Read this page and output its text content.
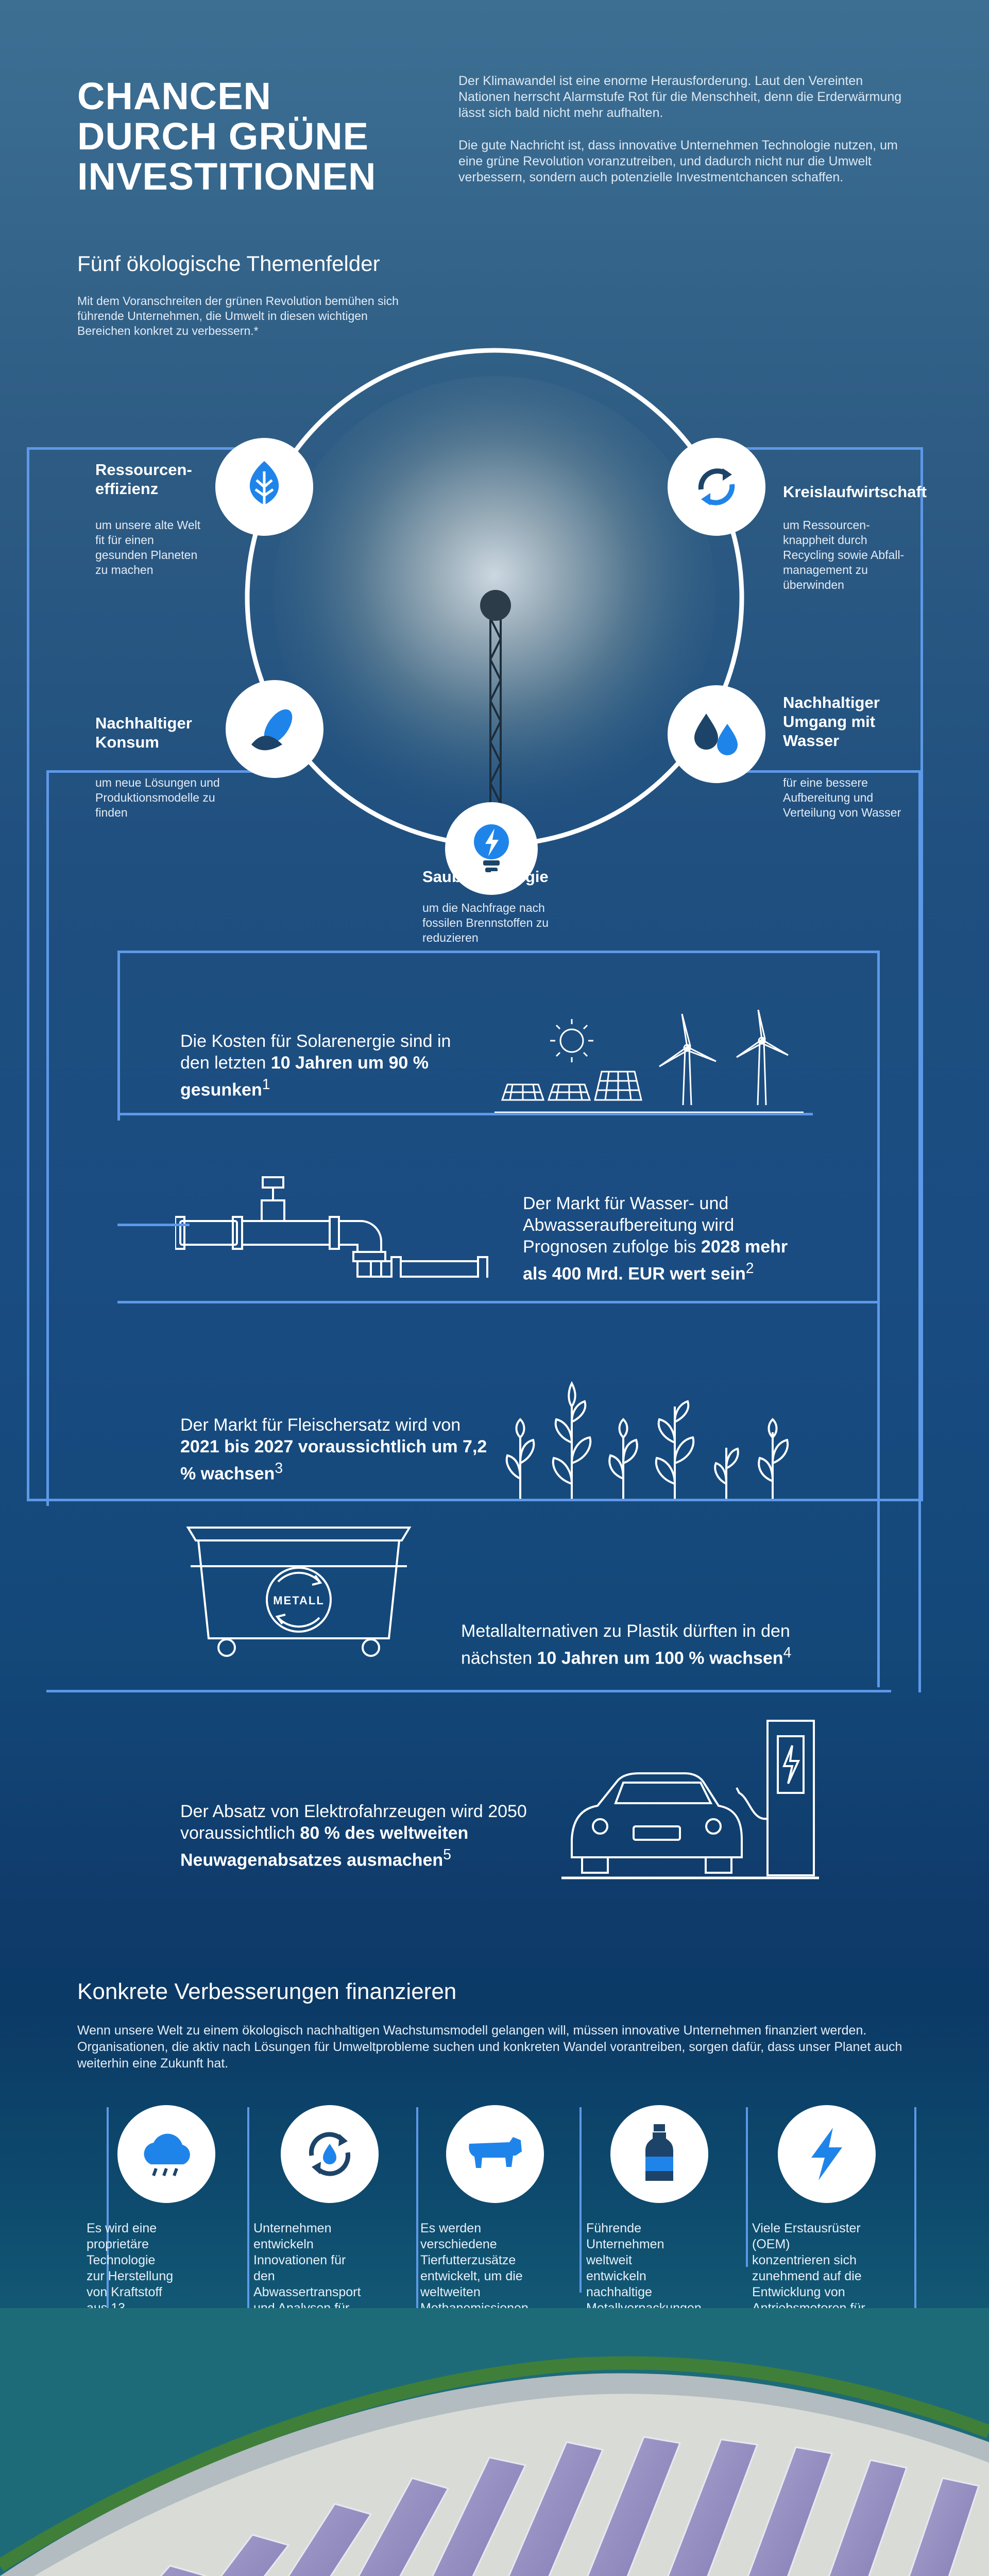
CHANCEN
DURCH GRÜNE
INVESTITIONEN

Der Klimawandel ist eine enorme Herausforderung. Laut den Vereinten Nationen herrscht Alarmstufe Rot für die Menschheit, denn die Erderwärmung lässt sich bald nicht mehr aufhalten.

Die gute Nachricht ist, dass innovative Unternehmen Technologie nutzen, um eine grüne Revolution voranzutreiben, und dadurch nicht nur die Umwelt verbessern, sondern auch potenzielle Investmentchancen schaffen.

Fünf ökologische Themenfelder
Mit dem Voranschreiten der grünen Revolution bemühen sich führende Unternehmen, die Umwelt in diesen wichtigen Bereichen konkret zu verbessern.*
Ressourcen-effizienz
um unsere alte Welt fit für einen gesunden Planeten zu machen
Kreislaufwirtschaft
um Ressourcen-knappheit durch Recycling sowie Abfall-management zu überwinden
Nachhaltiger Konsum
um neue Lösungen und Produktionsmodelle zu finden
Nachhaltiger Umgang mit Wasser
für eine bessere Aufbereitung und Verteilung von Wasser
Saubere Energie
um die Nachfrage nach fossilen Brennstoffen zu reduzieren
Die Kosten für Solarenergie sind in den letzten 10 Jahren um 90 % gesunken$^1$
Der Markt für Wasser- und Abwasseraufbereitung wird Prognosen zufolge bis 2028 mehr als 400 Mrd. EUR wert sein$^2$
Der Markt für Fleischersatz wird von 2021 bis 2027 voraussichtlich um 7,2 % wachsen$^3$
METALL
Metallalternativen zu Plastik dürften in den nächsten 10 Jahren um 100 % wachsen$^4$
Der Absatz von Elektrofahrzeugen wird 2050 voraussichtlich 80 % des weltweiten Neuwagenabsatzes ausmachen$^5$
Konkrete Verbesserungen finanzieren
Wenn unsere Welt zu einem ökologisch nachhaltigen Wachstumsmodell gelangen will, müssen innovative Unternehmen finanziert werden. Organisationen, die aktiv nach Lösungen für Umweltprobleme suchen und konkreten Wandel vorantreiben, sorgen dafür, dass unser Planet auch weiterhin eine Zukunft hat.
Es wird eine proprietäre Technologie zur Herstellung von Kraftstoff
Unternehmen entwickeln Innovationen für den Abwassertransport
Es werden verschiedene Tierfutterzusätze entwickelt, um die weltweiten
Führende Unternehmen weltweit entwickeln nachhaltige
Viele Erstausrüster (OEM) konzentrieren sich zunehmend auf die Entwicklung von
